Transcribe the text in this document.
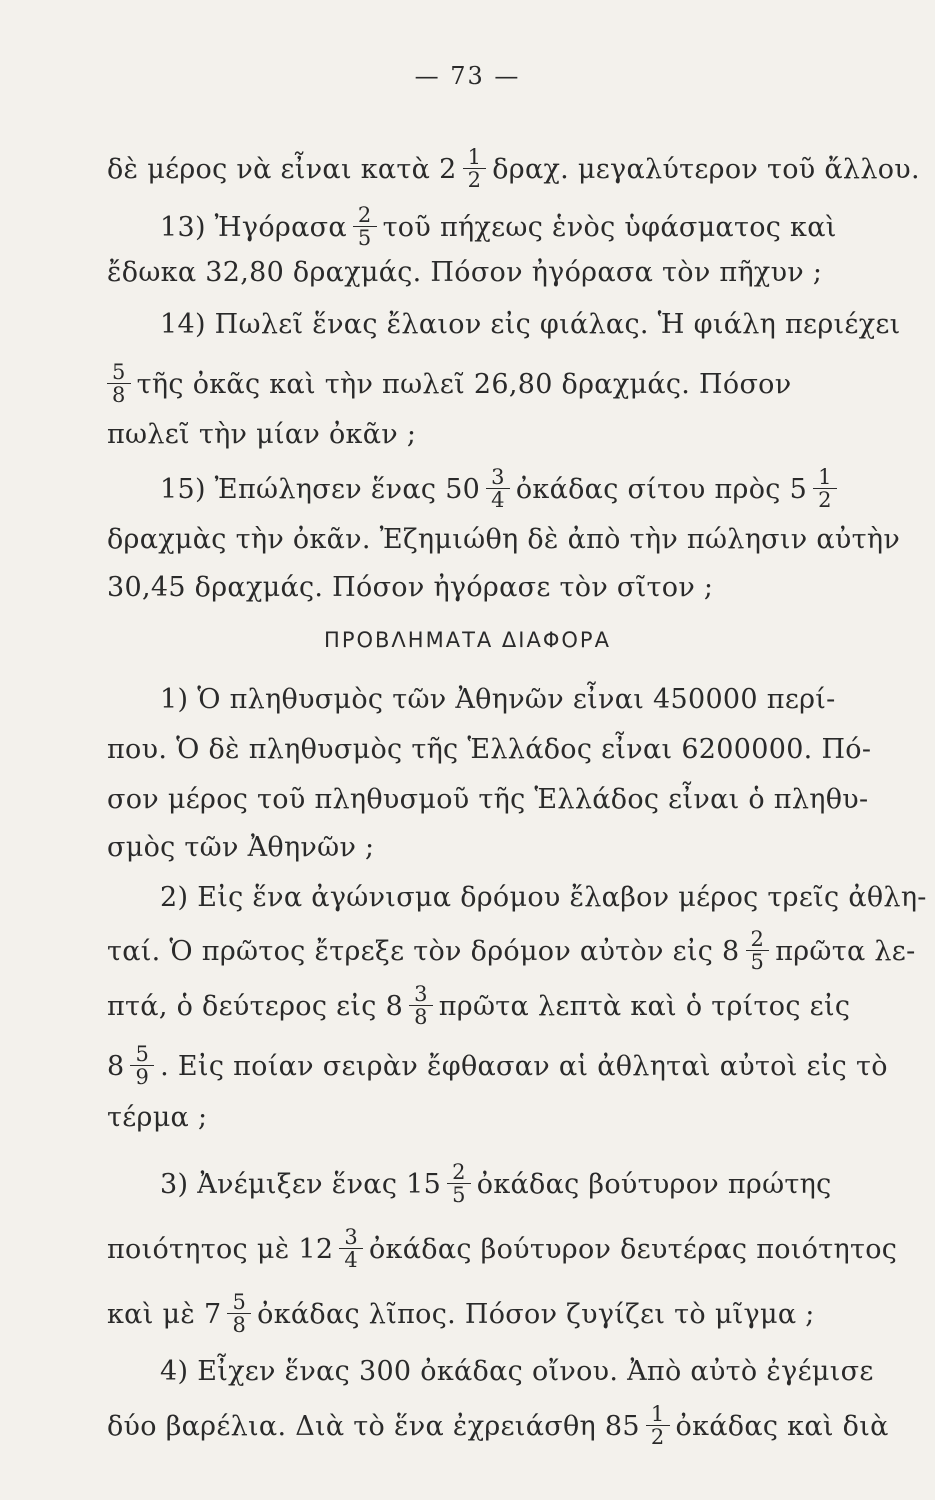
— 73 —
δὲ μέρος νὰ εἶναι κατὰ $2 \frac{1}{2} \delta\rho\alpha\chi$. μεγαλύτερον τοῦ ἄλλου.
13) Ἠγόρασα $\frac{2}{5}$ τοῦ πήχεως ἑνὸς ὑφάσματος καὶ
ἔδωκα 32,80 δραχμάς. Πόσον ἠγόρασα τὸν πῆχυν ;
14) Πωλεῖ ἕνας ἔλαιον εἰς φιάλας. Ἡ φιάλη περιέχει
$\frac{5}{8}$ τῆς ὀκᾶς καὶ τὴν πωλεῖ 26,80 δραχμάς. Πόσον
πωλεῖ τὴν μίαν ὀκᾶν ;
15) Ἐπώλησεν ἕνας $50 \frac{3}{4}$ ὀκάδας σίτου πρὸς $5 \frac{1}{2}$
δραχμὰς τὴν ὀκᾶν. Ἐζημιώθη δὲ ἀπὸ τὴν πώλησιν αὐτὴν
30,45 δραχμάς. Πόσον ἠγόρασε τὸν σῖτον ;
ΠΡΟΒΛΗΜΑΤΑ ΔΙΑΦΟΡΑ
1) Ὁ πληθυσμὸς τῶν Ἀθηνῶν εἶναι 450000 περί-
που. Ὁ δὲ πληθυσμὸς τῆς Ἑλλάδος εἶναι 6200000. Πό-
σον μέρος τοῦ πληθυσμοῦ τῆς Ἑλλάδος εἶναι ὁ πληθυ-
σμὸς τῶν Ἀθηνῶν ;
2) Εἰς ἕνα ἀγώνισμα δρόμου ἔλαβον μέρος τρεῖς ἀθλη-
ταί. Ὁ πρῶτος ἔτρεξε τὸν δρόμον αὐτὸν εἰς $8 \frac{2}{5}$ πρῶτα λε-
πτά, ὁ δεύτερος εἰς $8 \frac{3}{8}$ πρῶτα λεπτὰ καὶ ὁ τρίτος εἰς
$8 \frac{5}{9}$ . Εἰς ποίαν σειρὰν ἔφθασαν αἱ ἀθληταὶ αὐτοὶ εἰς τὸ
τέρμα ;
3) Ἀνέμιξεν ἕνας $15 \frac{2}{5}$ ὀκάδας βούτυρον πρώτης
ποιότητος μὲ $12 \frac{3}{4}$ ὀκάδας βούτυρον δευτέρας ποιότητος
καὶ μὲ $7 \frac{5}{8}$ ὀκάδας λῖπος. Πόσον ζυγίζει τὸ μῖγμα ;
4) Εἶχεν ἕνας 300 ὀκάδας οἴνου. Ἀπὸ αὐτὸ ἐγέμισε
δύο βαρέλια. Διὰ τὸ ἕνα ἐχρειάσθη $85 \frac{1}{2}$ ὀκάδας καὶ διὰ
